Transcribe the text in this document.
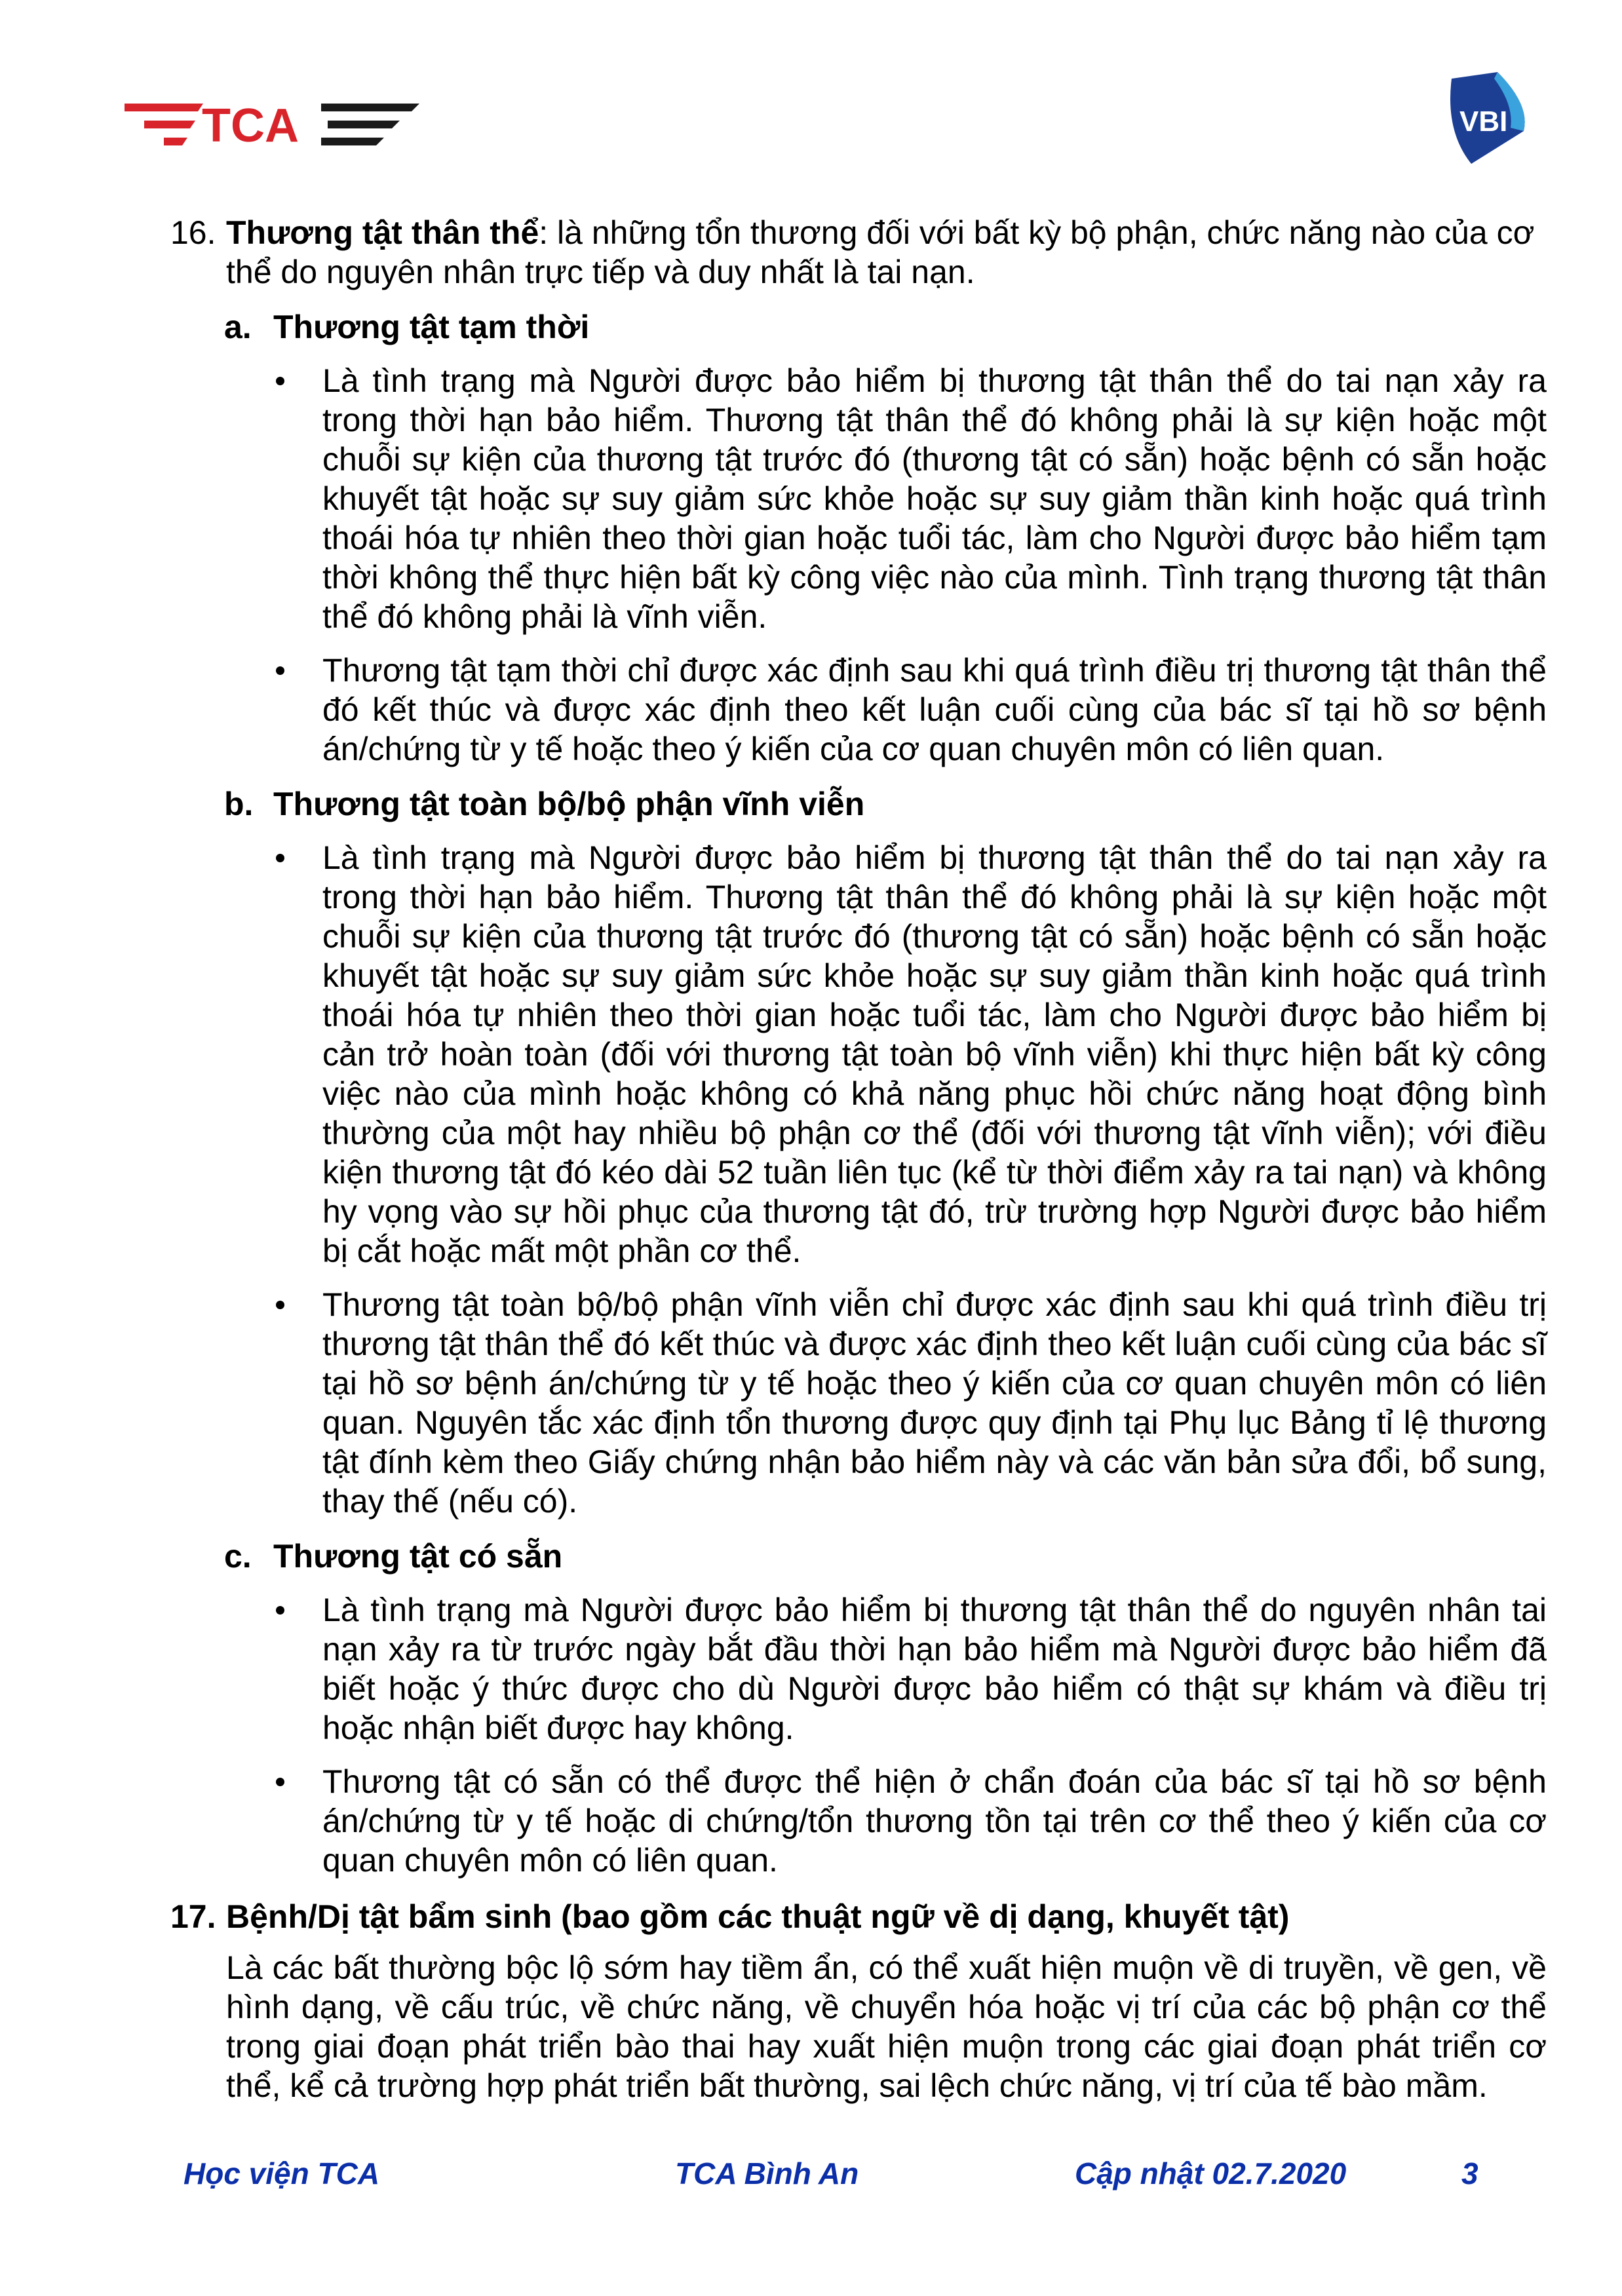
TCA	VBI
16. Thương tật thân thể: là những tổn thương đối với bất kỳ bộ phận, chức năng nào của cơ thể do nguyên nhân trực tiếp và duy nhất là tai nạn.
a. Thương tật tạm thời
Là tình trạng mà Người được bảo hiểm bị thương tật thân thể do tai nạn xảy ra trong thời hạn bảo hiểm. Thương tật thân thể đó không phải là sự kiện hoặc một chuỗi sự kiện của thương tật trước đó (thương tật có sẵn) hoặc bệnh có sẵn hoặc khuyết tật hoặc sự suy giảm sức khỏe hoặc sự suy giảm thần kinh hoặc quá trình thoái hóa tự nhiên theo thời gian hoặc tuổi tác, làm cho Người được bảo hiểm tạm thời không thể thực hiện bất kỳ công việc nào của mình. Tình trạng thương tật thân thể đó không phải là vĩnh viễn.
Thương tật tạm thời chỉ được xác định sau khi quá trình điều trị thương tật thân thể đó kết thúc và được xác định theo kết luận cuối cùng của bác sĩ tại hồ sơ bệnh án/chứng từ y tế hoặc theo ý kiến của cơ quan chuyên môn có liên quan.
b. Thương tật toàn bộ/bộ phận vĩnh viễn
Là tình trạng mà Người được bảo hiểm bị thương tật thân thể do tai nạn xảy ra trong thời hạn bảo hiểm. Thương tật thân thể đó không phải là sự kiện hoặc một chuỗi sự kiện của thương tật trước đó (thương tật có sẵn) hoặc bệnh có sẵn hoặc khuyết tật hoặc sự suy giảm sức khỏe hoặc sự suy giảm thần kinh hoặc quá trình thoái hóa tự nhiên theo thời gian hoặc tuổi tác, làm cho Người được bảo hiểm bị cản trở hoàn toàn (đối với thương tật toàn bộ vĩnh viễn) khi thực hiện bất kỳ công việc nào của mình hoặc không có khả năng phục hồi chức năng hoạt động bình thường của một hay nhiều bộ phận cơ thể (đối với thương tật vĩnh viễn); với điều kiện thương tật đó kéo dài 52 tuần liên tục (kể từ thời điểm xảy ra tai nạn) và không hy vọng vào sự hồi phục của thương tật đó, trừ trường hợp Người được bảo hiểm bị cắt hoặc mất một phần cơ thể.
Thương tật toàn bộ/bộ phận vĩnh viễn chỉ được xác định sau khi quá trình điều trị thương tật thân thể đó kết thúc và được xác định theo kết luận cuối cùng của bác sĩ tại hồ sơ bệnh án/chứng từ y tế hoặc theo ý kiến của cơ quan chuyên môn có liên quan. Nguyên tắc xác định tổn thương được quy định tại Phụ lục Bảng tỉ lệ thương tật đính kèm theo Giấy chứng nhận bảo hiểm này và các văn bản sửa đổi, bổ sung, thay thế (nếu có).
c. Thương tật có sẵn
Là tình trạng mà Người được bảo hiểm bị thương tật thân thể do nguyên nhân tai nạn xảy ra từ trước ngày bắt đầu thời hạn bảo hiểm mà Người được bảo hiểm đã biết hoặc ý thức được cho dù Người được bảo hiểm có thật sự khám và điều trị hoặc nhận biết được hay không.
Thương tật có sẵn có thể được thể hiện ở chẩn đoán của bác sĩ tại hồ sơ bệnh án/chứng từ y tế hoặc di chứng/tổn thương tồn tại trên cơ thể theo ý kiến của cơ quan chuyên môn có liên quan.
17. Bệnh/Dị tật bẩm sinh (bao gồm các thuật ngữ về dị dạng, khuyết tật)
Là các bất thường bộc lộ sớm hay tiềm ẩn, có thể xuất hiện muộn về di truyền, về gen, về hình dạng, về cấu trúc, về chức năng, về chuyển hóa hoặc vị trí của các bộ phận cơ thể trong giai đoạn phát triển bào thai hay xuất hiện muộn trong các giai đoạn phát triển cơ thể, kể cả trường hợp phát triển bất thường, sai lệch chức năng, vị trí của tế bào mầm.
Học viện TCA	TCA Bình An	Cập nhật 02.7.2020	3
